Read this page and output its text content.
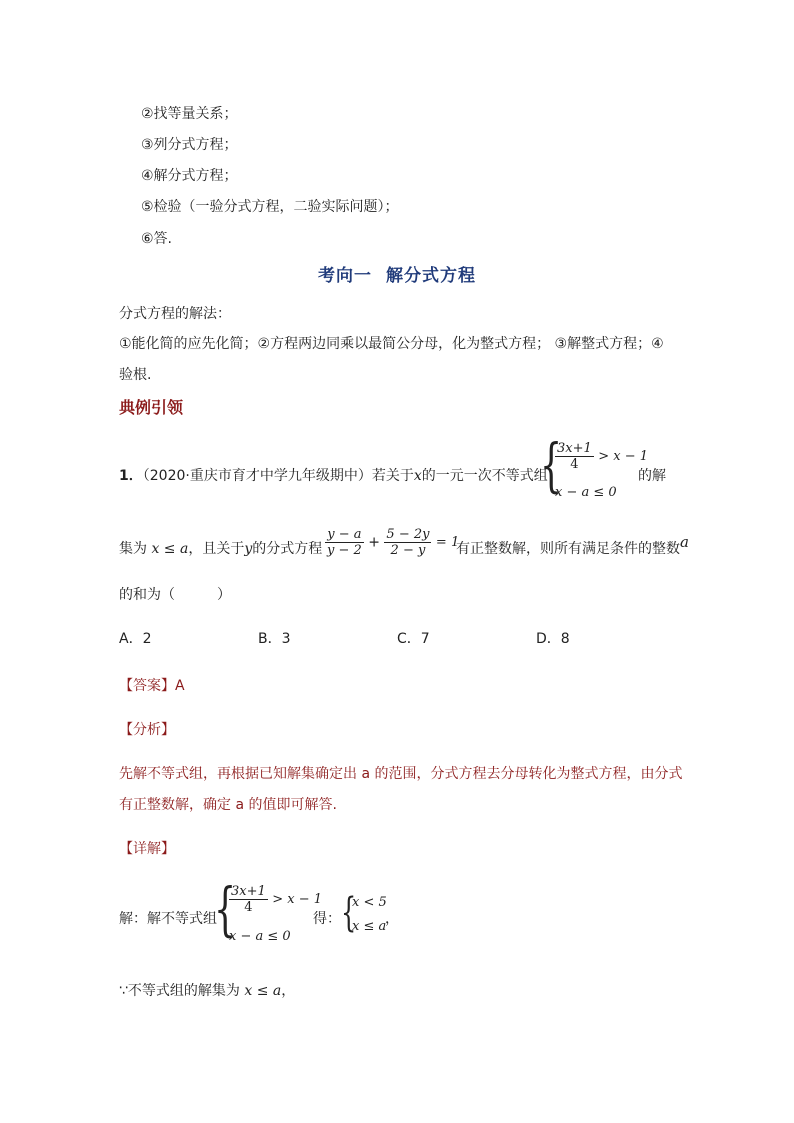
②找等量关系；
③列分式方程；
④解分式方程；
⑤检验（一验分式方程，二验实际问题）；
⑥答.
考向一 解分式方程
分式方程的解法：
①能化简的应先化简；②方程两边同乘以最简公分母，化为整式方程； ③解整式方程；④
验根.
典例引领
1．（2020·重庆市育才中学九年级期中）若关于x的一元一次不等式组
{
$\frac{3x+1}{4} > x - 1$
x − a ≤ 0
的解
集为 x ≤ a，且关于y的分式方程 $\frac{y - a}{y - 2} + \frac{5 - 2y}{2 - y} = 1$
有正整数解，则所有满足条件的整数a
的和为（　　　）
A．2	B．3	C．7	D．8
【答案】A
【分析】
先解不等式组，再根据已知解集确定出 a 的范围，分式方程去分母转化为整式方程，由分式
有正整数解，确定 a 的值即可解答.
【详解】
解：解不等式组
{
$\frac{3x+1}{4} > x - 1$
x − a ≤ 0
得： {
x < 5
x ≤ a
，
∵不等式组的解集为 x ≤ a，
